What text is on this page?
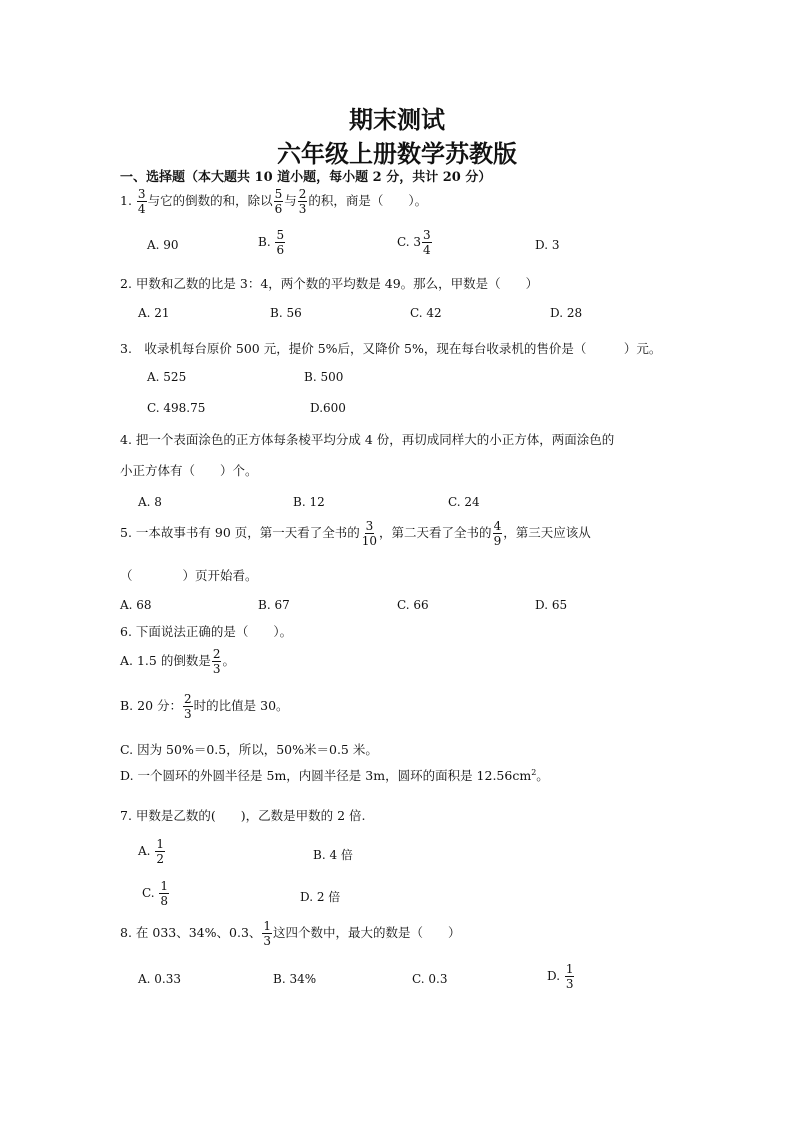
期末测试
六年级上册数学苏教版
一、选择题（本大题共 10 道小题，每小题 2 分，共计 20 分）
1. $\frac{3}{4}$ 与它的倒数的和，除以 $\frac{5}{6}$ 与 $\frac{2}{3}$ 的积，商是（　　）。
A. 90	B. $\frac{5}{6}$	C. $3 \frac{3}{4}$	D. 3
2. 甲数和乙数的比是 3：4，两个数的平均数是 49。那么，甲数是（　　）
A. 21	B. 56	C. 42	D. 28
3.　收录机每台原价 500 元，提价 5%后，又降价 5%，现在每台收录机的售价是（　　　）元。
A. 525	B. 500
C. 498.75	D.600
4. 把一个表面涂色的正方体每条棱平均分成 4 份，再切成同样大的小正方体，两面涂色的
小正方体有（　　）个。
A. 8	B. 12	C. 24
5. 一本故事书有 90 页，第一天看了全书的 $\frac{3}{10}$ ，第二天看了全书的 $\frac{4}{9}$ ，第三天应该从
（　　　　）页开始看。
A. 68	B. 67	C. 66	D. 65
6. 下面说法正确的是（　　）。
A. 1.5 的倒数是 $\frac{2}{3}$ 。
B. 20 分： $\frac{2}{3}$ 时的比值是 30。
C. 因为 50%＝0.5，所以，50%米＝0.5 米。
D. 一个圆环的外圆半径是 5m，内圆半径是 3m，圆环的面积是 $12.56cm^2$。
7. 甲数是乙数的(　　)，乙数是甲数的 2 倍.
A. $\frac{1}{2}$	B. 4 倍
C. $\frac{1}{8}$	D. 2 倍
8. 在 033、34%、0.3、 $\frac{1}{3}$ 这四个数中，最大的数是（　　）
A. 0.33	B. 34%	C. 0.3	D. $\frac{1}{3}$
